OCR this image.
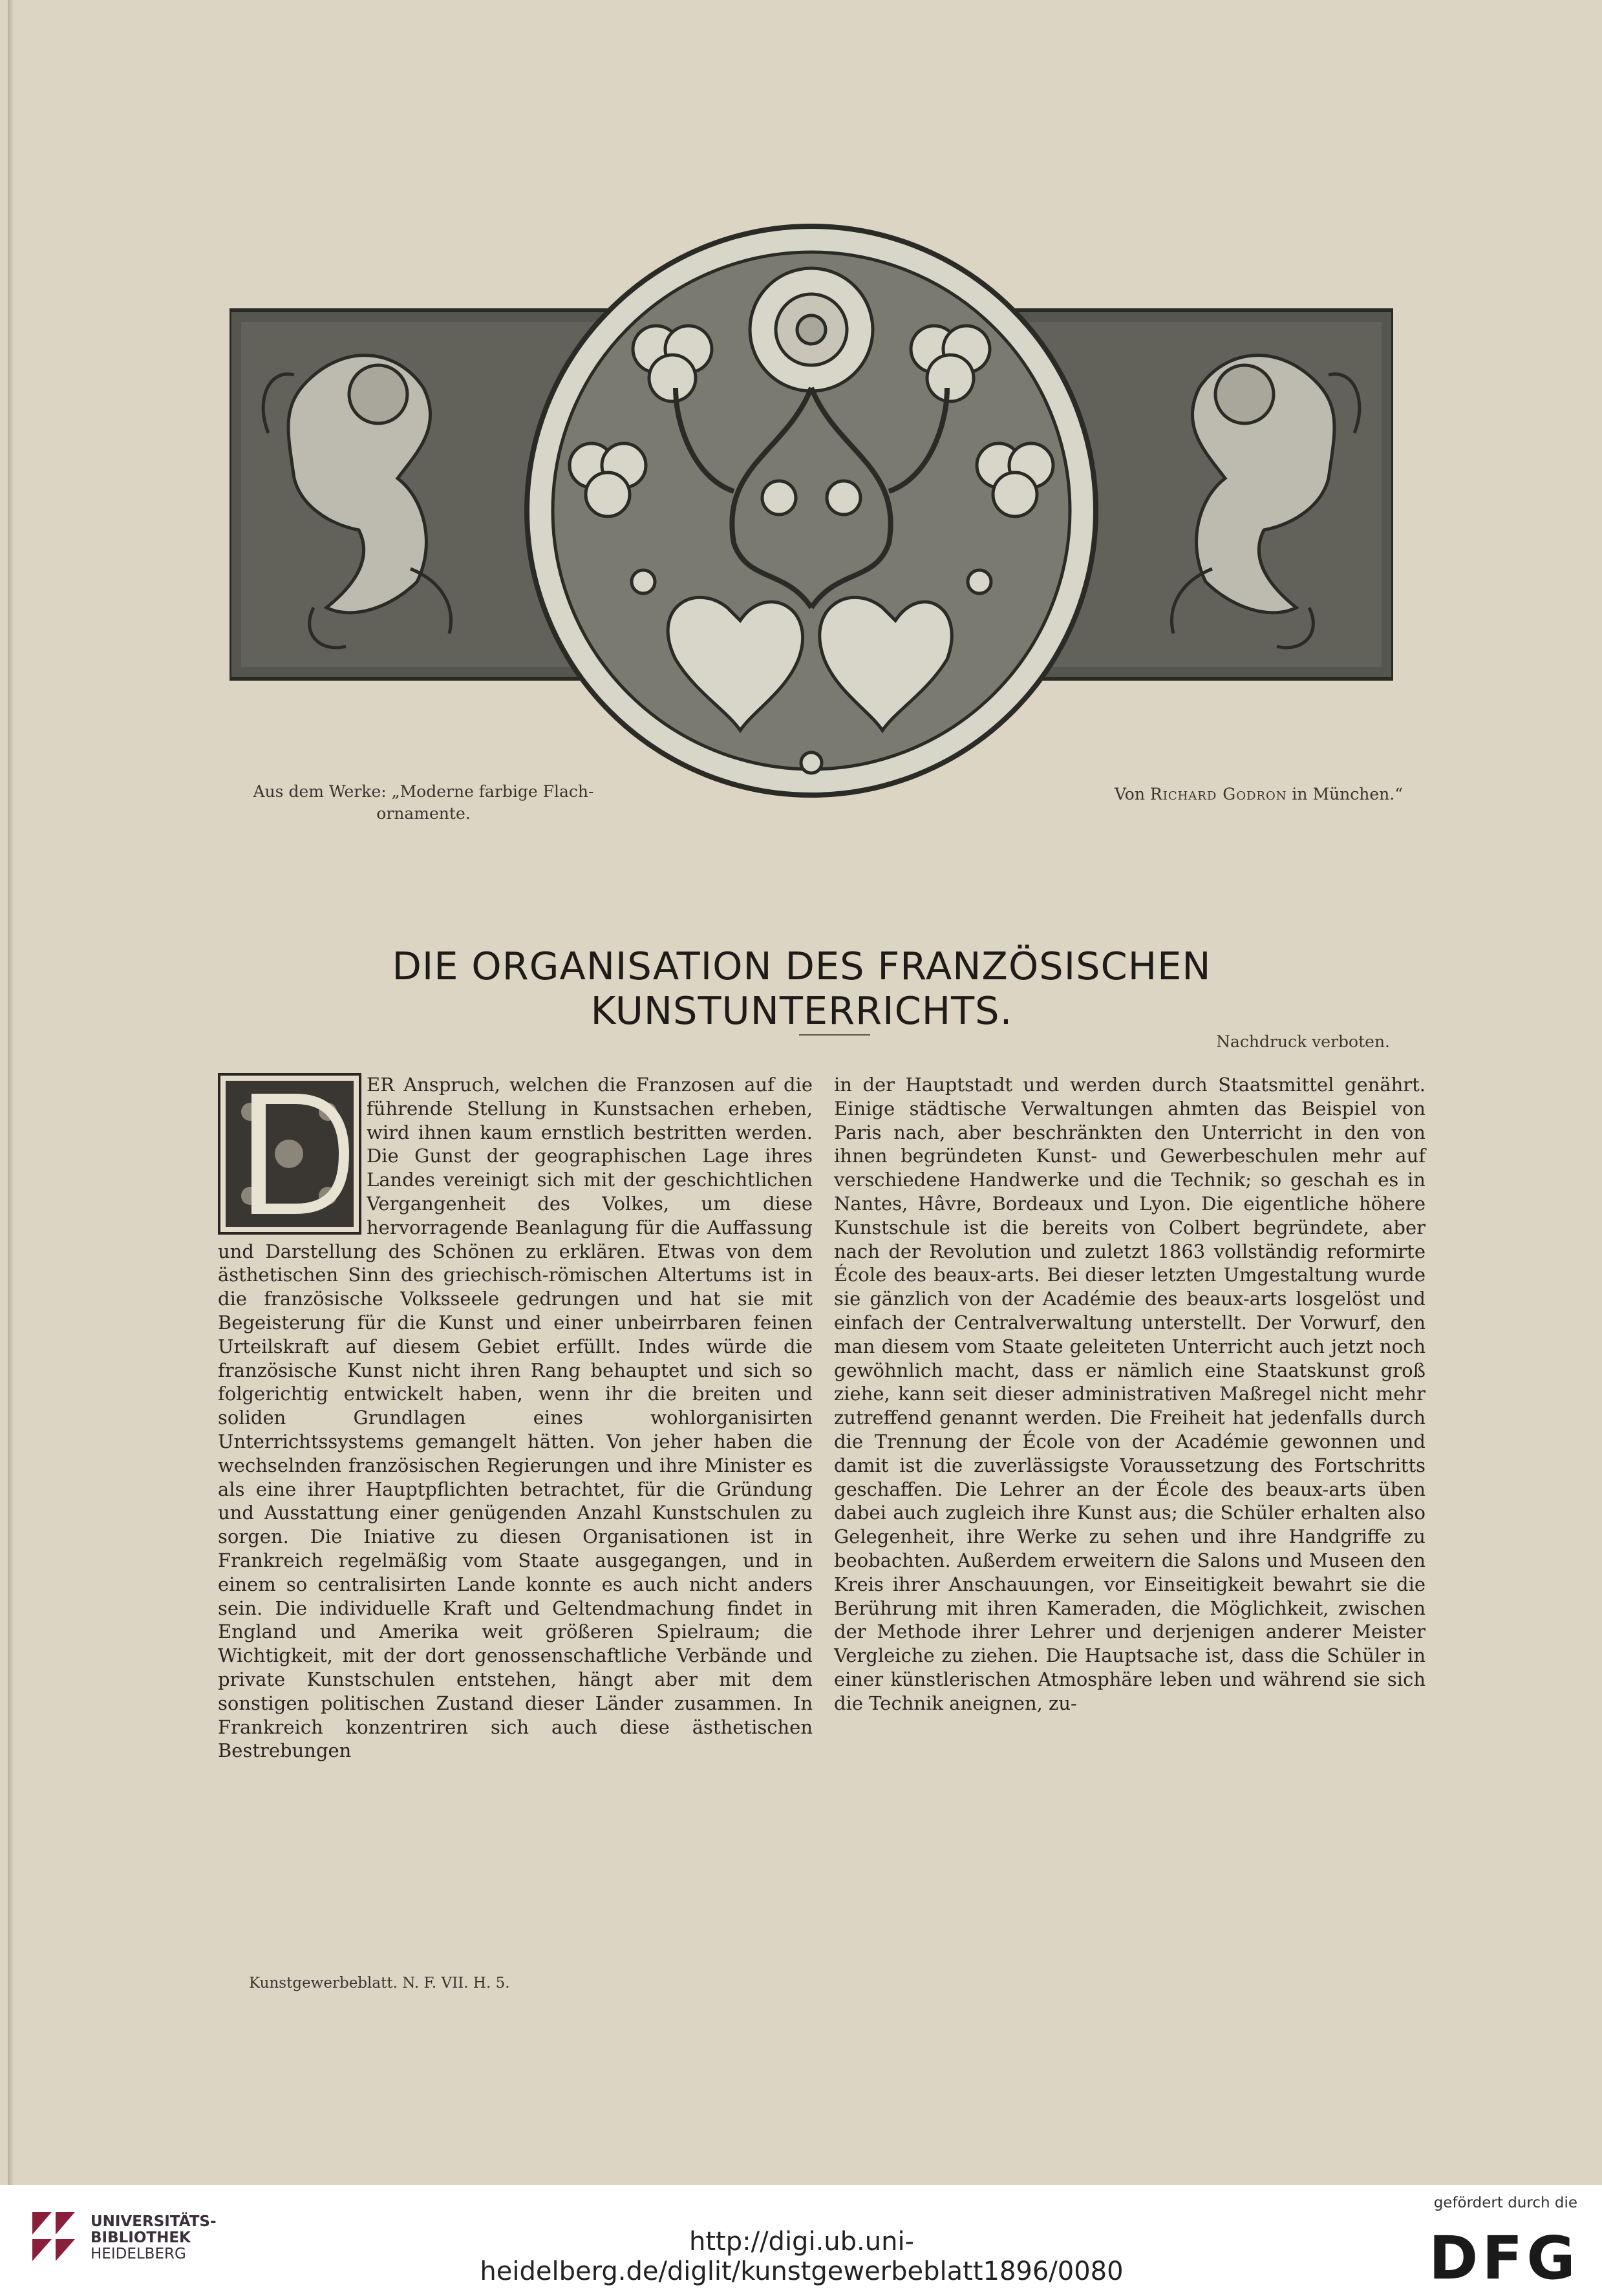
Aus dem Werke: „Moderne farbige Flach-
ornamente.
Von Richard Godron in München.“
DIE ORGANISATION DES FRANZÖSISCHEN KUNSTUNTERRICHTS.
Nachdruck verboten.

ER Anspruch, welchen die Franzosen auf die führende Stellung in Kunstsachen erheben, wird ihnen kaum ernstlich bestritten werden. Die Gunst der geographischen Lage ihres Landes vereinigt sich mit der geschichtlichen Vergangenheit des Volkes, um diese hervorragende Beanlagung für die Auffassung und Darstellung des Schönen zu erklären. Etwas von dem ästhetischen Sinn des griechisch-römischen Altertums ist in die französische Volksseele gedrungen und hat sie mit Begeisterung für die Kunst und einer unbeirrbaren feinen Urteilskraft auf diesem Gebiet erfüllt. Indes würde die französische Kunst nicht ihren Rang behauptet und sich so folgerichtig entwickelt haben, wenn ihr die breiten und soliden Grundlagen eines wohlorganisirten Unterrichtssystems gemangelt hätten. Von jeher haben die wechselnden französischen Regierungen und ihre Minister es als eine ihrer Hauptpflichten betrachtet, für die Gründung und Ausstattung einer genügenden Anzahl Kunstschulen zu sorgen. Die Iniative zu diesen Organisationen ist in Frankreich regelmäßig vom Staate ausgegangen, und in einem so centralisirten Lande konnte es auch nicht anders sein. Die individuelle Kraft und Geltendmachung findet in England und Amerika weit größeren Spielraum; die Wichtigkeit, mit der dort genossenschaftliche Verbände und private Kunstschulen entstehen, hängt aber mit dem sonstigen politischen Zustand dieser Länder zusammen. In Frankreich konzentriren sich auch diese ästhetischen Bestrebungen

in der Hauptstadt und werden durch Staatsmittel genährt. Einige städtische Verwaltungen ahmten das Beispiel von Paris nach, aber beschränkten den Unterricht in den von ihnen begründeten Kunst- und Gewerbeschulen mehr auf verschiedene Handwerke und die Technik; so geschah es in Nantes, Hâvre, Bordeaux und Lyon. Die eigentliche höhere Kunstschule ist die bereits von Colbert begründete, aber nach der Revolution und zuletzt 1863 vollständig reformirte École des beaux-arts. Bei dieser letzten Umgestaltung wurde sie gänzlich von der Académie des beaux-arts losgelöst und einfach der Centralverwaltung unterstellt. Der Vorwurf, den man diesem vom Staate geleiteten Unterricht auch jetzt noch gewöhnlich macht, dass er nämlich eine Staatskunst groß ziehe, kann seit dieser administrativen Maßregel nicht mehr zutreffend genannt werden. Die Freiheit hat jedenfalls durch die Trennung der École von der Académie gewonnen und damit ist die zuverlässigste Voraussetzung des Fortschritts geschaffen. Die Lehrer an der École des beaux-arts üben dabei auch zugleich ihre Kunst aus; die Schüler erhalten also Gelegenheit, ihre Werke zu sehen und ihre Handgriffe zu beobachten. Außerdem erweitern die Salons und Museen den Kreis ihrer Anschauungen, vor Einseitigkeit bewahrt sie die Berührung mit ihren Kameraden, die Möglichkeit, zwischen der Methode ihrer Lehrer und derjenigen anderer Meister Vergleiche zu ziehen. Die Hauptsache ist, dass die Schüler in einer künstlerischen Atmosphäre leben und während sie sich die Technik aneignen, zu-

Kunstgewerbeblatt. N. F. VII. H. 5.
UNIVERSITÄTS-
BIBLIOTHEK
HEIDELBERG	http://digi.ub.uni-heidelberg.de/diglit/kunstgewerbeblatt1896/0080
gefördert durch die
DFG
